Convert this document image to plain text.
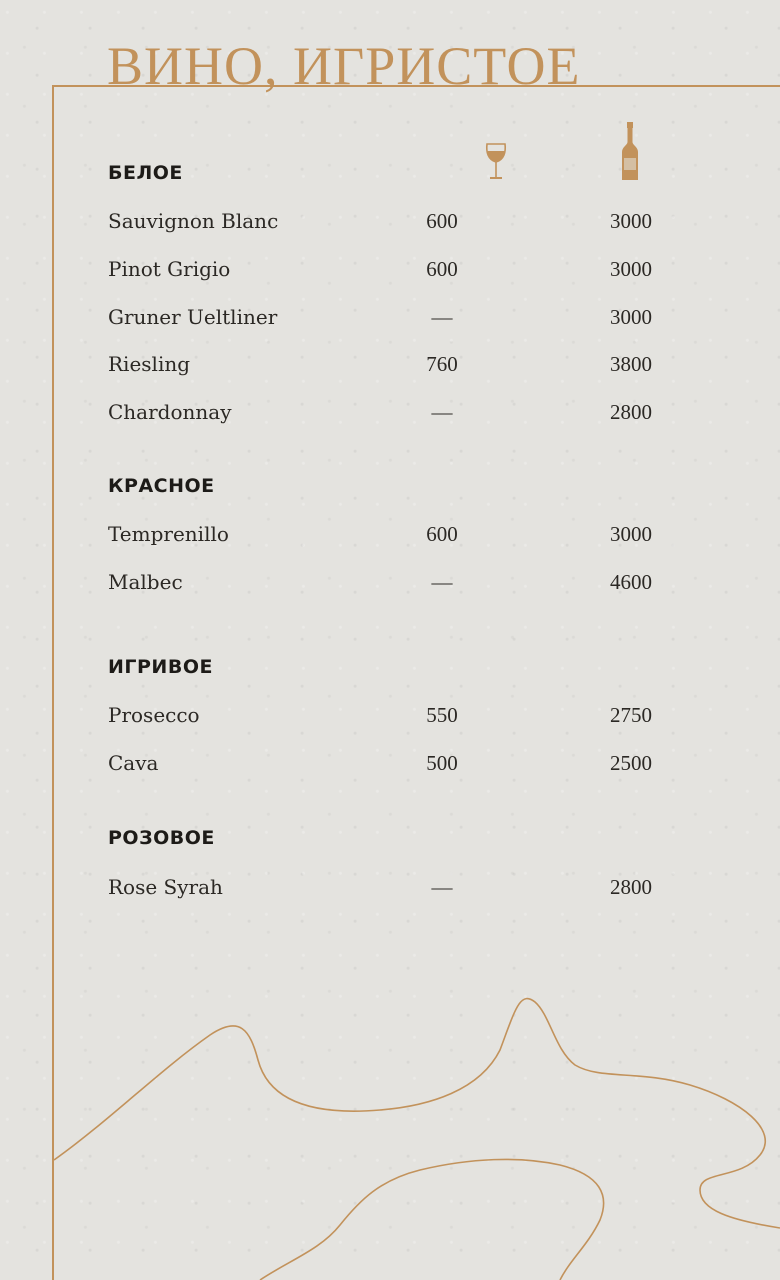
ВИНО, ИГРИСТОЕ
БЕЛОЕ
Sauvignon Blanc	600	3000
Pinot Grigio	600	3000
Gruner Ueltliner	—	3000
Riesling	760	3800
Chardonnay	—	2800
КРАСНОЕ
Temprenillo	600	3000
Malbec	—	4600
ИГРИВОЕ
Prosecco	550	2750
Cava	500	2500
РОЗОВОЕ
Rose Syrah	—	2800
